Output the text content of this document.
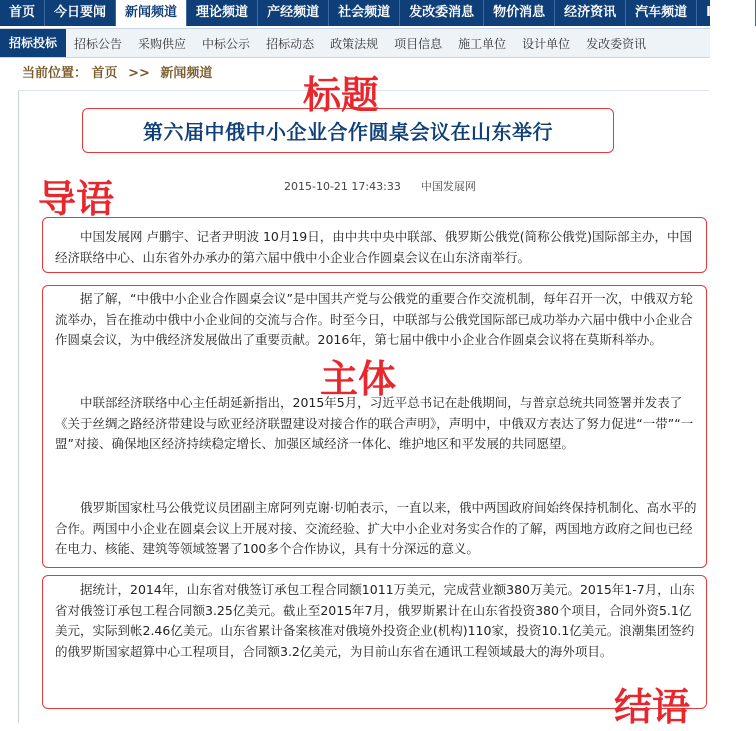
首页	今日要闻	新闻频道	理论频道	产经频道	社会频道	发改委消息	物价消息	经济资讯	汽车频道	IT频道
招标投标	招标公告	采购供应	中标公示	招标动态	政策法规	项目信息	施工单位	设计单位	发改委资讯
当前位置： 首页 >> 新闻频道
第六届中俄中小企业合作圆桌会议在山东举行
2015-10-21 17:43:33 中国发展网

中国发展网 卢鹏宇、记者尹明波 10月19日，由中共中央中联部、俄罗斯公俄党(简称公俄党)国际部主办，中国经济联络中心、山东省外办承办的第六届中俄中小企业合作圆桌会议在山东济南举行。

据了解，“中俄中小企业合作圆桌会议”是中国共产党与公俄党的重要合作交流机制，每年召开一次，中俄双方轮流举办，旨在推动中俄中小企业间的交流与合作。时至今日，中联部与公俄党国际部已成功举办六届中俄中小企业合作圆桌会议，为中俄经济发展做出了重要贡献。2016年，第七届中俄中小企业合作圆桌会议将在莫斯科举办。

中联部经济联络中心主任胡延新指出，2015年5月，习近平总书记在赴俄期间，与普京总统共同签署并发表了《关于丝绸之路经济带建设与欧亚经济联盟建设对接合作的联合声明》，声明中，中俄双方表达了努力促进“一带”“一盟”对接、确保地区经济持续稳定增长、加强区域经济一体化、维护地区和平发展的共同愿望。

俄罗斯国家杜马公俄党议员团副主席阿列克谢·切帕表示，一直以来，俄中两国政府间始终保持机制化、高水平的合作。两国中小企业在圆桌会议上开展对接、交流经验、扩大中小企业对务实合作的了解，两国地方政府之间也已经在电力、核能、建筑等领域签署了100多个合作协议，具有十分深远的意义。

据统计，2014年，山东省对俄签订承包工程合同额1011万美元，完成营业额380万美元。2015年1-7月，山东省对俄签订承包工程合同额3.25亿美元。截止至2015年7月，俄罗斯累计在山东省投资380个项目，合同外资5.1亿美元，实际到帐2.46亿美元。山东省累计备案核准对俄境外投资企业(机构)110家，投资10.1亿美元。浪潮集团签约的俄罗斯国家超算中心工程项目，合同额3.2亿美元，为目前山东省在通讯工程领域最大的海外项目。

标题
导语
主体
结语
